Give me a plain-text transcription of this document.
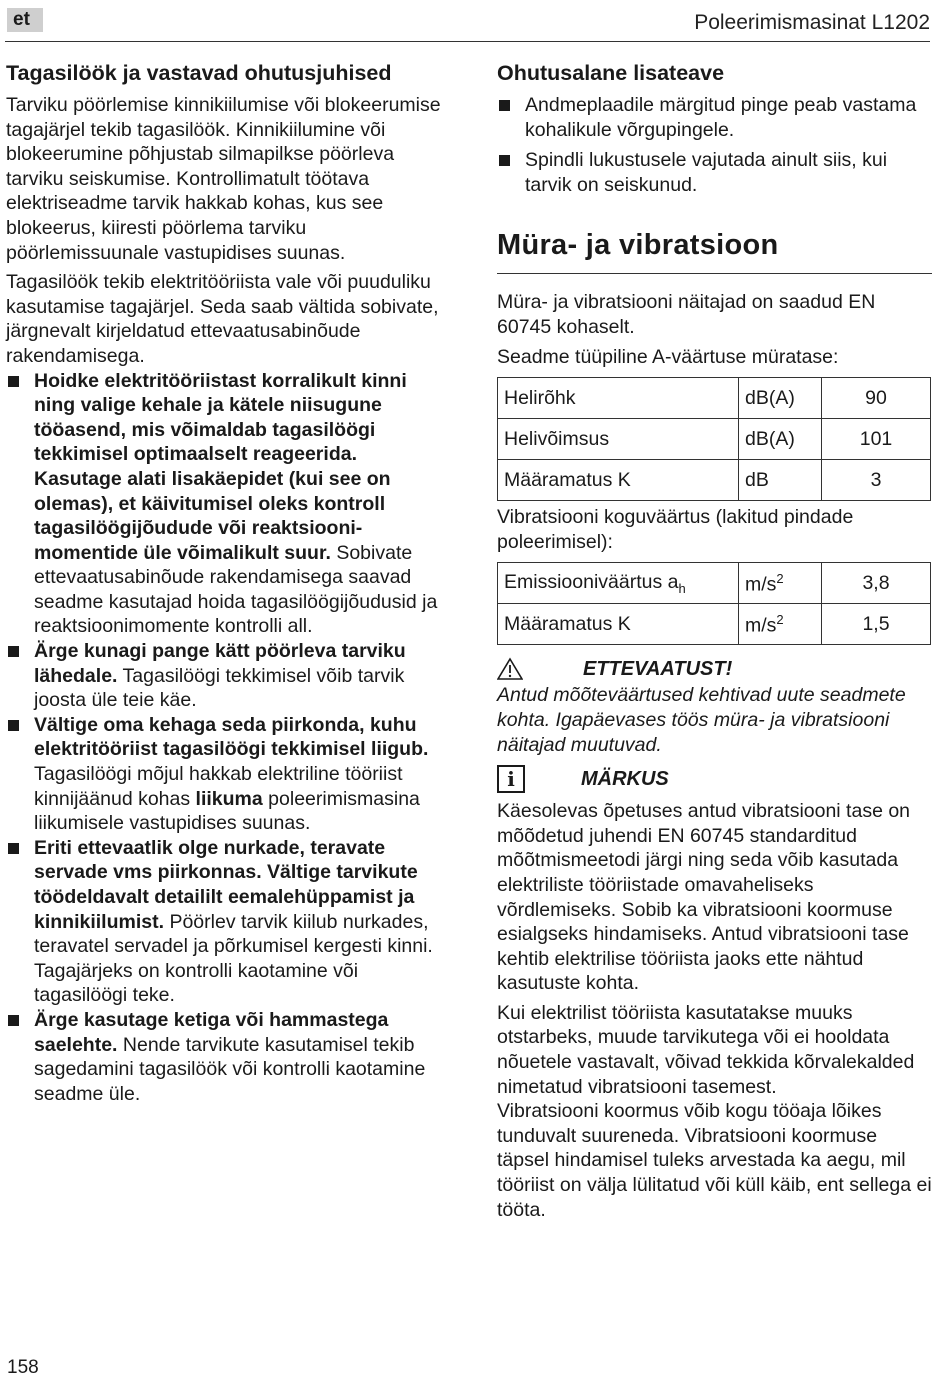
et	Poleerimismasinat L1202
Tagasilöök ja vastavad ohutusjuhised

Tarviku pöörlemise kinnikiilumise või blokeerumise tagajärjel tekib tagasilöök. Kinnikiilumine või blokeerumine põhjustab silmapilkse pöörleva tarviku seiskumise. Kontrollimatult töötava elektriseadme tarvik hakkab kohas, kus see blokeerus, kiiresti pöörlema tarviku pöörlemissuunale vastupidises suunas.

Tagasilöök tekib elektritööriista vale või puuduliku kasutamise tagajärjel. Seda saab vältida sobivate, järgnevalt kirjeldatud ettevaatusabinõude rakendamisega.

Hoidke elektritööriistast korralikult kinni ning valige kehale ja kätele niisugune tööasend, mis võimaldab tagasilöögi tekkimisel optimaalselt reageerida. Kasutage alati lisakäepidet (kui see on olemas), et käivitumisel oleks kontroll tagasilöögijõudude või reaktsiooni-momentide üle võimalikult suur. Sobivate ettevaatusabinõude rakendamisega saavad seadme kasutajad hoida tagasilöögijõudusid ja reaktsioonimomente kontrolli all.
Ärge kunagi pange kätt pöörleva tarviku lähedale. Tagasilöögi tekkimisel võib tarvik joosta üle teie käe.
Vältige oma kehaga seda piirkonda, kuhu elektritööriist tagasilöögi tekkimisel liigub. Tagasilöögi mõjul hakkab elektriline tööriist kinnijäänud kohas liikuma poleerimismasina liikumisele vastupidises suunas.
Eriti ettevaatlik olge nurkade, teravate servade vms piirkonnas. Vältige tarvikute töödeldavalt detaililt eemalehüppamist ja kinnikiilumist. Pöörlev tarvik kiilub nurkades, teravatel servadel ja põrkumisel kergesti kinni. Tagajärjeks on kontrolli kaotamine või tagasilöögi teke.
Ärge kasutage ketiga või hammastega saelehte. Nende tarvikute kasutamisel tekib sagedamini tagasilöök või kontrolli kaotamine seadme üle.
Ohutusalane lisateave
Andmeplaadile märgitud pinge peab vastama kohalikule võrgupingele.
Spindli lukustusele vajutada ainult siis, kui tarvik on seiskunud.
Müra- ja vibratsioon

Müra- ja vibratsiooni näitajad on saadud EN 60745 kohaselt.

Seadme tüüpiline A-väärtuse müratase:

Helirõhk	dB(A)	90
Helivõimsus	dB(A)	101
Määramatus K	dB	3

Vibratsiooni koguväärtus (lakitud pindade poleerimisel):

Emissiooniväärtus $a_h$	$m/s^2$	3,8
Määramatus K	$m/s^2$	1,5
ETTEVAATUST!

Antud mõõteväärtused kehtivad uute seadmete kohta. Igapäevases töös müra- ja vibratsiooni näitajad muutuvad.

i	MÄRKUS

Käesolevas õpetuses antud vibratsiooni tase on mõõdetud juhendi EN 60745 standarditud mõõtmismeetodi järgi ning seda võib kasutada elektriliste tööriistade omavaheliseks võrdlemiseks. Sobib ka vibratsiooni koormuse esialgseks hindamiseks. Antud vibratsiooni tase kehtib elektrilise tööriista jaoks ette nähtud kasutuste kohta.

Kui elektrilist tööriista kasutatakse muuks otstarbeks, muude tarvikutega või ei hooldata nõuetele vastavalt, võivad tekkida kõrvalekalded nimetatud vibratsiooni tasemest.

Vibratsiooni koormus võib kogu tööaja lõikes tunduvalt suureneda. Vibratsiooni koormuse täpsel hindamisel tuleks arvestada ka aegu, mil tööriist on välja lülitatud või küll käib, ent sellega ei tööta.

158
